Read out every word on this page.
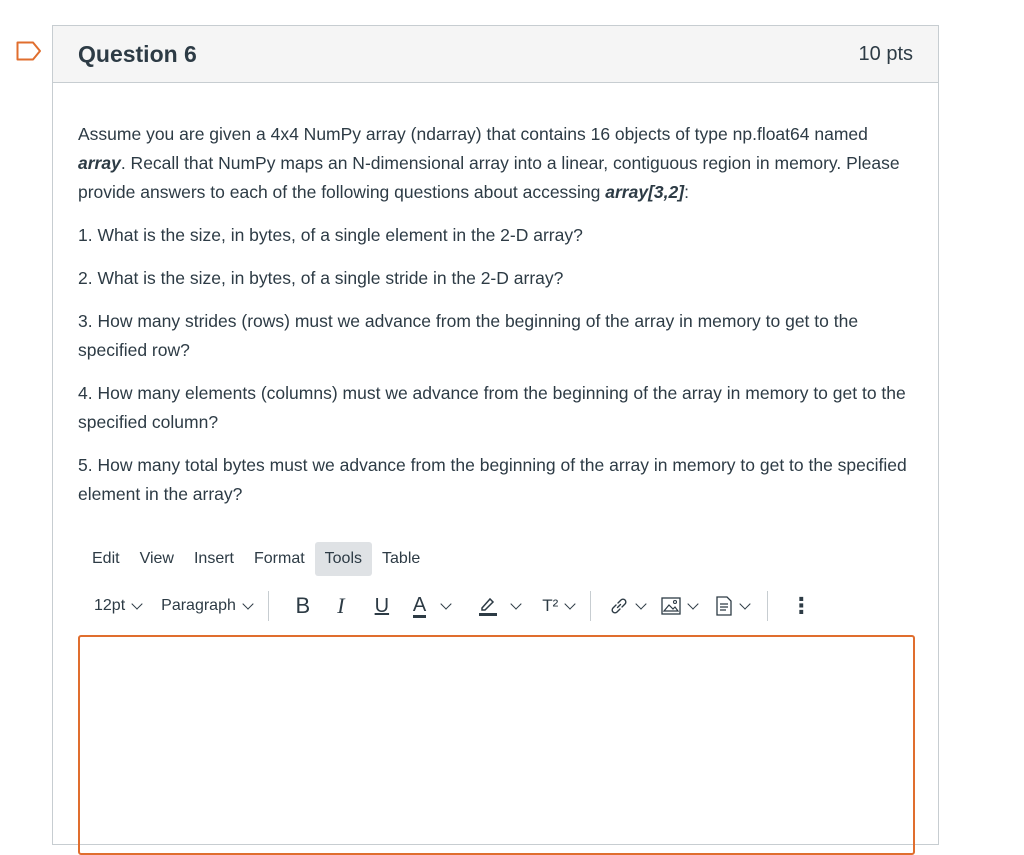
Question 6	10 pts

Assume you are given a 4x4 NumPy array (ndarray) that contains 16 objects of type np.float64 named array. Recall that NumPy maps an N-dimensional array into a linear, contiguous region in memory. Please provide answers to each of the following questions about accessing array[3,2]:

1. What is the size, in bytes, of a single element in the 2-D array?

2. What is the size, in bytes, of a single stride in the 2-D array?

3. How many strides (rows) must we advance from the beginning of the array in memory to get to the specified row?

4. How many elements (columns) must we advance from the beginning of the array in memory to get to the specified column?

5. How many total bytes must we advance from the beginning of the array in memory to get to the specified element in the array?

Edit	View	Insert	Format	Tools	Table
12pt Paragraph	B I U A	T²	⋮
